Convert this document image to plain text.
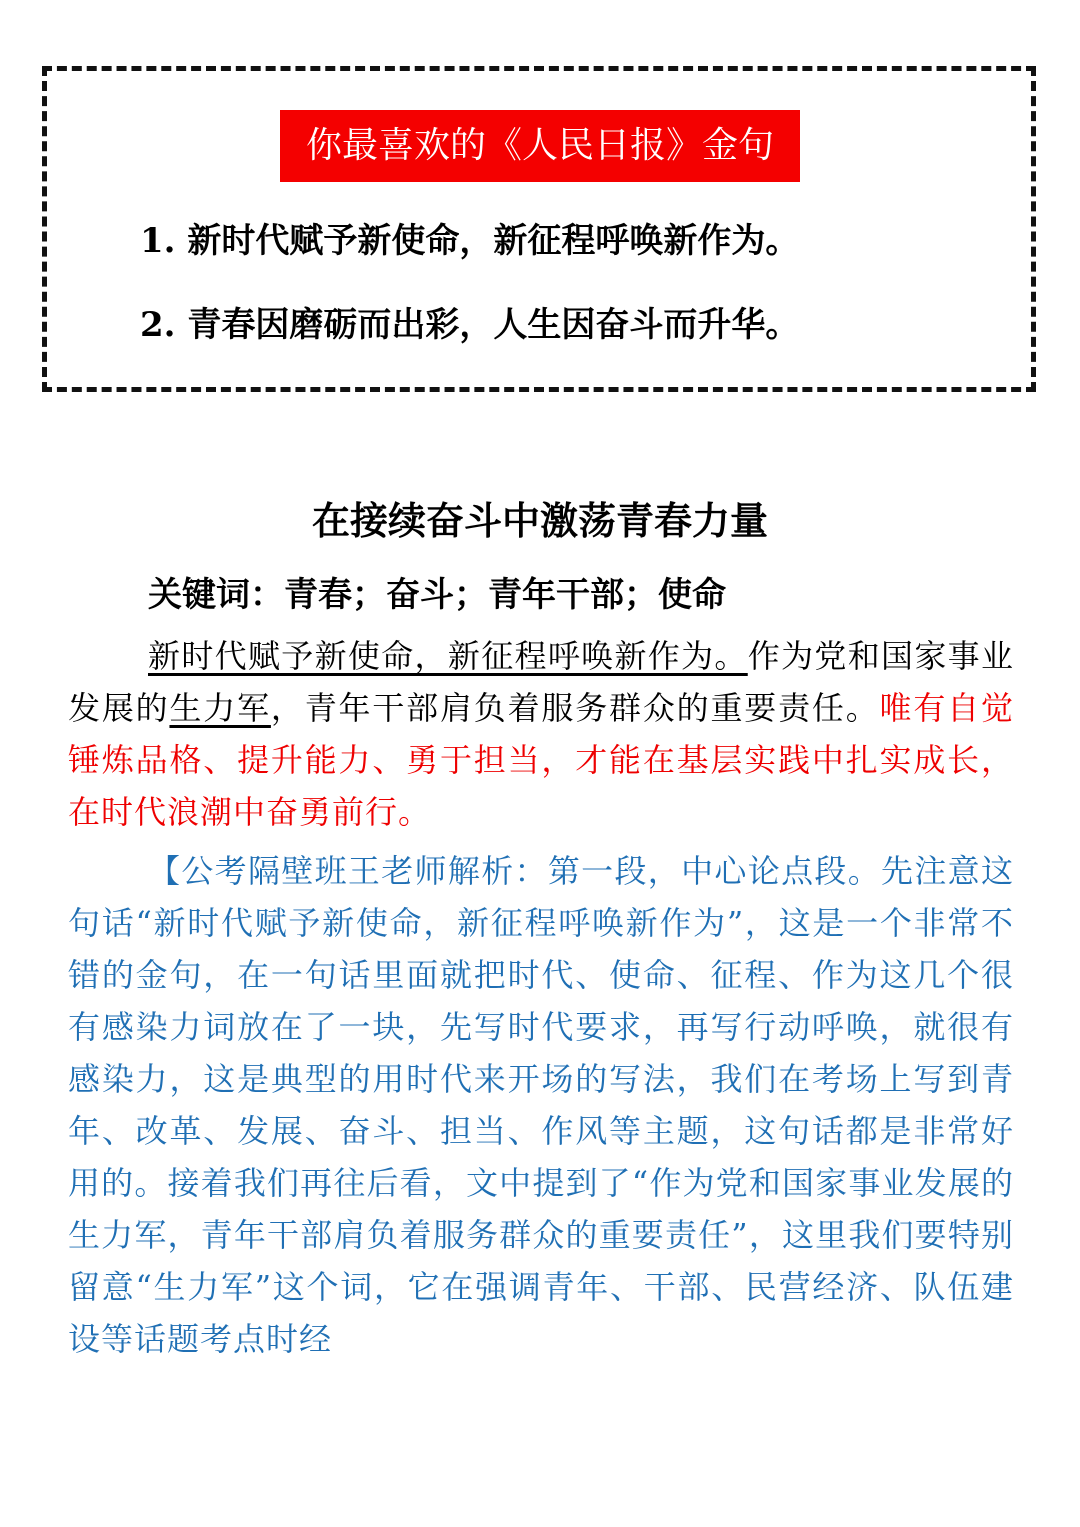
你最喜欢的《人民日报》金句
1. 新时代赋予新使命，新征程呼唤新作为。
2. 青春因磨砺而出彩，人生因奋斗而升华。
在接续奋斗中激荡青春力量
关键词：青春；奋斗；青年干部；使命

新时代赋予新使命，新征程呼唤新作为。作为党和国家事业发展的生力军，青年干部肩负着服务群众的重要责任。唯有自觉锤炼品格、提升能力、勇于担当，才能在基层实践中扎实成长，在时代浪潮中奋勇前行。

【公考隔壁班王老师解析：第一段，中心论点段。先注意这句话“新时代赋予新使命，新征程呼唤新作为”，这是一个非常不错的金句，在一句话里面就把时代、使命、征程、作为这几个很有感染力词放在了一块，先写时代要求，再写行动呼唤，就很有感染力，这是典型的用时代来开场的写法，我们在考场上写到青年、改革、发展、奋斗、担当、作风等主题，这句话都是非常好用的。接着我们再往后看，文中提到了“作为党和国家事业发展的生力军，青年干部肩负着服务群众的重要责任”，这里我们要特别留意“生力军”这个词，它在强调青年、干部、民营经济、队伍建设等话题考点时经
